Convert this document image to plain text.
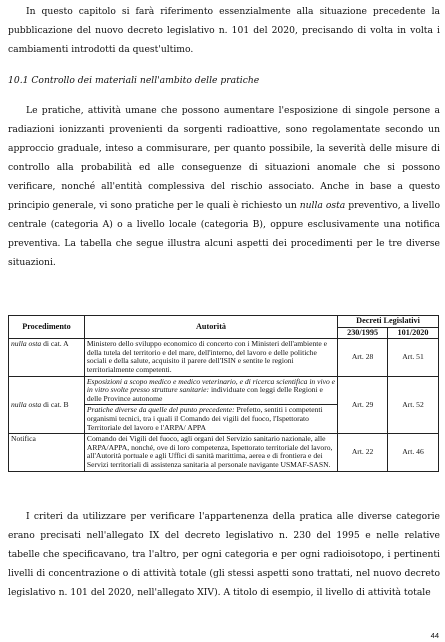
In questo capitolo si farà riferimento essenzialmente alla situazione precedente la pubblicazione del nuovo decreto legislativo n. 101 del 2020, precisando di volta in volta i cambiamenti introdotti da quest'ultimo.

10.1 Controllo dei materiali nell'ambito delle pratiche

Le pratiche, attività umane che possono aumentare l'esposizione di singole persone a radiazioni ionizzanti provenienti da sorgenti radioattive, sono regolamentate secondo un approccio graduale, inteso a commisurare, per quanto possibile, la severità delle misure di controllo alla probabilità ed alle conseguenze di situazioni anomale che si possono verificare, nonché all'entità complessiva del rischio associato. Anche in base a questo principio generale, vi sono pratiche per le quali è richiesto un nulla osta preventivo, a livello centrale (categoria A) o a livello locale (categoria B), oppure esclusivamente una notifica preventiva. La tabella che segue illustra alcuni aspetti dei procedimenti per le tre diverse situazioni.

Procedimento	Autorità	Decreti Legislativi	
		230/1995	101/2020
nulla osta di cat. A	Ministero dello sviluppo economico di concerto con i Ministeri dell'ambiente e della tutela del territorio e del mare, dell'interno, del lavoro e delle politiche sociali e della salute, acquisito il parere dell'ISIN e sentite le regioni territorialmente competenti.	Art. 28	Art. 51
nulla osta di cat. B	Esposizioni a scopo medico e medico veterinario, e di ricerca scientifica in vivo e in vitro svolte presso strutture sanitarie: individuate con leggi delle Regioni e delle Province autonome	Art. 29	Art. 52
	Pratiche diverse da quelle del punto precedente: Prefetto, sentiti i competenti organismi tecnici, tra i quali il Comando dei vigili del fuoco, l'Ispettorato Territoriale del lavoro e l'ARPA/ APPA		
Notifica	Comando dei Vigili del fuoco, agli organi del Servizio sanitario nazionale, alle ARPA/APPA, nonché, ove di loro competenza, Ispettorato territoriale del lavoro, all'Autorità portuale e agli Uffici di sanità marittima, aerea e di frontiera e dei Servizi territoriali di assistenza sanitaria al personale navigante USMAF-SASN.	Art. 22	Art. 46

I criteri da utilizzare per verificare l'appartenenza della pratica alle diverse categorie erano precisati nell'allegato IX del decreto legislativo n. 230 del 1995 e nelle relative tabelle che specificavano, tra l'altro, per ogni categoria e per ogni radioisotopo, i pertinenti livelli di concentrazione o di attività totale (gli stessi aspetti sono trattati, nel nuovo decreto legislativo n. 101 del 2020, nell'allegato XIV). A titolo di esempio, il livello di attività totale

44
